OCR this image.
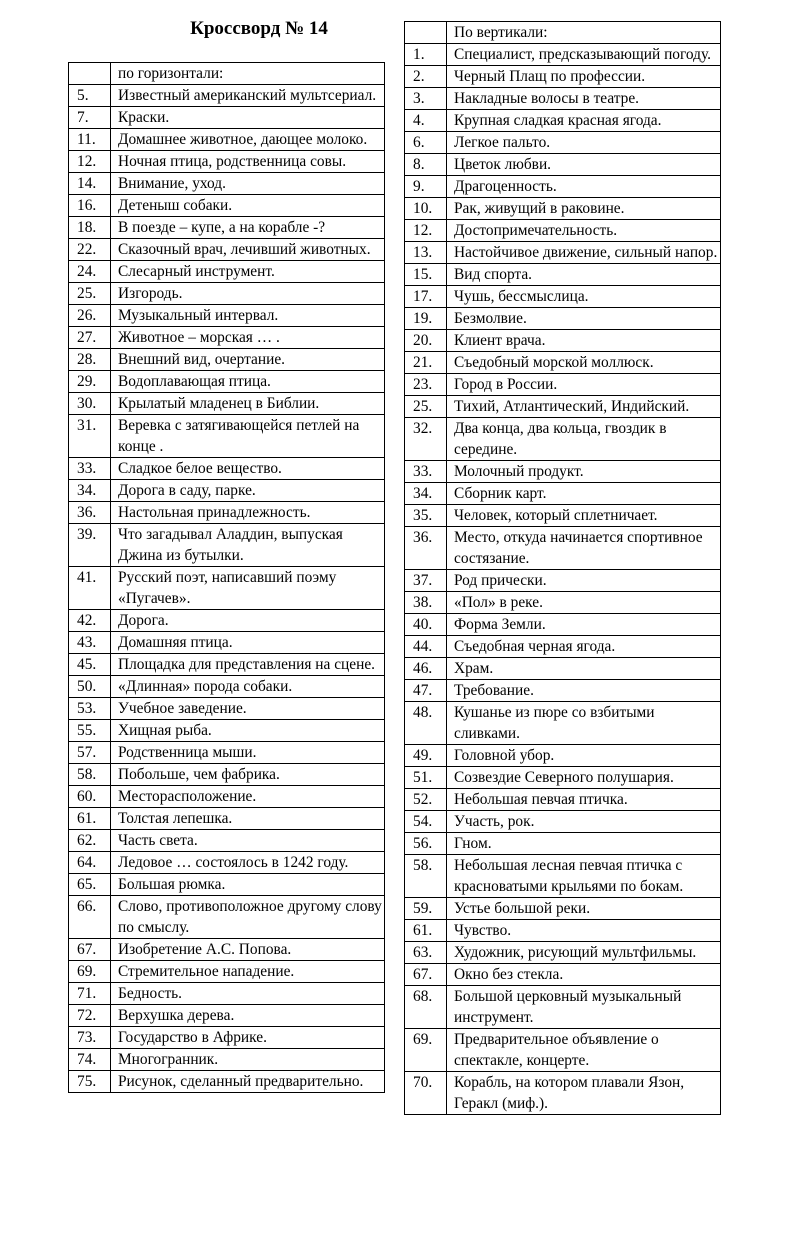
Кроссворд № 14
	по горизонтали:
5.	Известный американский мультсериал.
7.	Краски.
11.	Домашнее животное, дающее молоко.
12.	Ночная птица, родственница совы.
14.	Внимание, уход.
16.	Детеныш собаки.
18.	В поезде – купе, а на корабле -?
22.	Сказочный врач, лечивший животных.
24.	Слесарный инструмент.
25.	Изгородь.
26.	Музыкальный интервал.
27.	Животное – морская … .
28.	Внешний вид, очертание.
29.	Водоплавающая птица.
30.	Крылатый младенец в Библии.
31.	Веревка с затягивающейся петлей на конце .
33.	Сладкое белое вещество.
34.	Дорога в саду, парке.
36.	Настольная принадлежность.
39.	Что загадывал Аладдин, выпуская Джина из бутылки.
41.	Русский поэт, написавший поэму «Пугачев».
42.	Дорога.
43.	Домашняя птица.
45.	Площадка для представления на сцене.
50.	«Длинная» порода собаки.
53.	Учебное заведение.
55.	Хищная рыба.
57.	Родственница мыши.
58.	Побольше, чем фабрика.
60.	Месторасположение.
61.	Толстая лепешка.
62.	Часть света.
64.	Ледовое … состоялось в 1242 году.
65.	Большая рюмка.
66.	Слово, противоположное другому слову по смыслу.
67.	Изобретение А.С. Попова.
69.	Стремительное нападение.
71.	Бедность.
72.	Верхушка дерева.
73.	Государство в Африке.
74.	Многогранник.
75.	Рисунок, сделанный предварительно.
	По вертикали:
1.	Специалист, предсказывающий погоду.
2.	Черный Плащ по профессии.
3.	Накладные волосы в театре.
4.	Крупная сладкая красная ягода.
6.	Легкое пальто.
8.	Цветок любви.
9.	Драгоценность.
10.	Рак, живущий в раковине.
12.	Достопримечательность.
13.	Настойчивое движение, сильный напор.
15.	Вид спорта.
17.	Чушь, бессмыслица.
19.	Безмолвие.
20.	Клиент врача.
21.	Съедобный морской моллюск.
23.	Город в России.
25.	Тихий, Атлантический, Индийский.
32.	Два конца, два кольца, гвоздик в середине.
33.	Молочный продукт.
34.	Сборник карт.
35.	Человек, который сплетничает.
36.	Место, откуда начинается спортивное состязание.
37.	Род прически.
38.	«Пол» в реке.
40.	Форма Земли.
44.	Съедобная черная ягода.
46.	Храм.
47.	Требование.
48.	Кушанье из пюре со взбитыми сливками.
49.	Головной убор.
51.	Созвездие Северного полушария.
52.	Небольшая певчая птичка.
54.	Участь, рок.
56.	Гном.
58.	Небольшая лесная певчая птичка с красноватыми крыльями по бокам.
59.	Устье большой реки.
61.	Чувство.
63.	Художник, рисующий мультфильмы.
67.	Окно без стекла.
68.	Большой церковный музыкальный инструмент.
69.	Предварительное объявление о спектакле, концерте.
70.	Корабль, на котором плавали Язон, Геракл (миф.).
